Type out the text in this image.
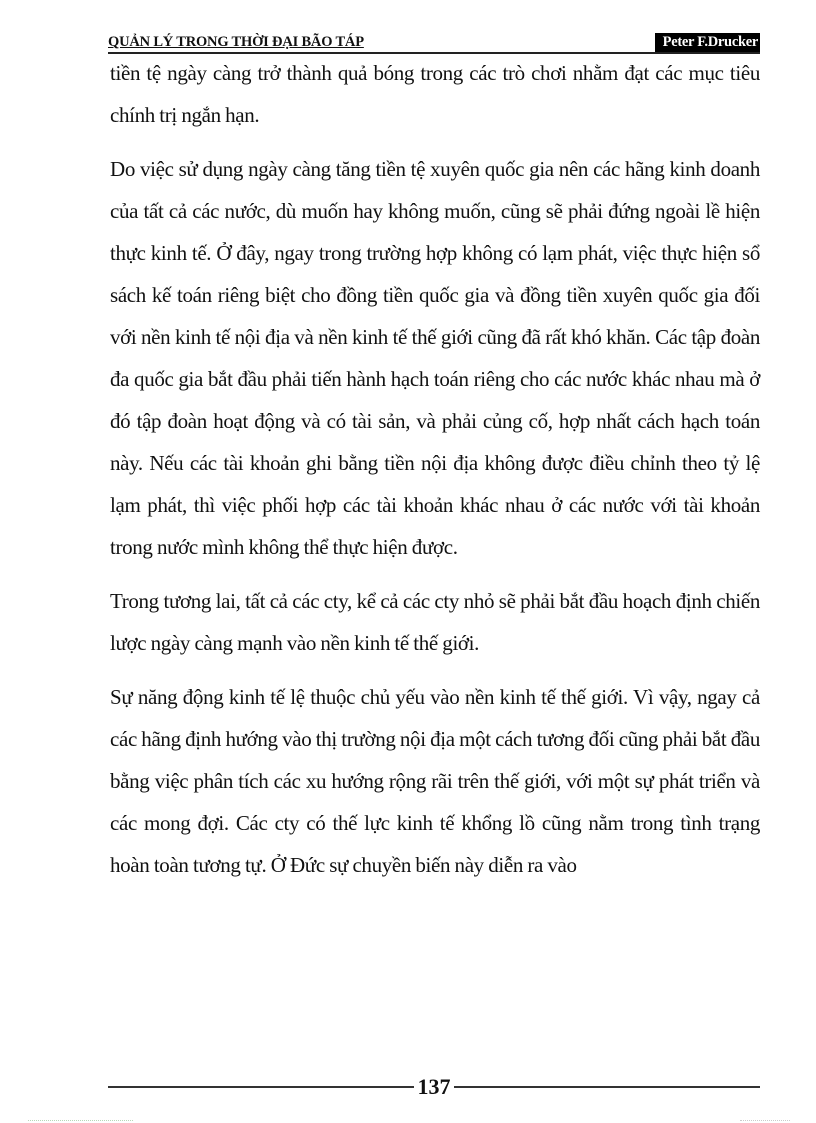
QUẢN LÝ TRONG THỜI ĐẠI BÃO TÁP	Peter F.Drucker

tiền tệ ngày càng trở thành quả bóng trong các trò chơi nhằm đạt các mục tiêu chính trị ngắn hạn.

Do việc sử dụng ngày càng tăng tiền tệ xuyên quốc gia nên các hãng kinh doanh của tất cả các nước, dù muốn hay không muốn, cũng sẽ phải đứng ngoài lề hiện thực kinh tế. Ở đây, ngay trong trường hợp không có lạm phát, việc thực hiện sổ sách kế toán riêng biệt cho đồng tiền quốc gia và đồng tiền xuyên quốc gia đối với nền kinh tế nội địa và nền kinh tế thế giới cũng đã rất khó khăn. Các tập đoàn đa quốc gia bắt đầu phải tiến hành hạch toán riêng cho các nước khác nhau mà ở đó tập đoàn hoạt động và có tài sản, và phải củng cố, hợp nhất cách hạch toán này. Nếu các tài khoản ghi bằng tiền nội địa không được điều chỉnh theo tỷ lệ lạm phát, thì việc phối hợp các tài khoản khác nhau ở các nước với tài khoản trong nước mình không thể thực hiện được.

Trong tương lai, tất cả các cty, kể cả các cty nhỏ sẽ phải bắt đầu hoạch định chiến lược ngày càng mạnh vào nền kinh tế thế giới.

Sự năng động kinh tế lệ thuộc chủ yếu vào nền kinh tế thế giới. Vì vậy, ngay cả các hãng định hướng vào thị trường nội địa một cách tương đối cũng phải bắt đầu bằng việc phân tích các xu hướng rộng rãi trên thế giới, với một sự phát triển và các mong đợi. Các cty có thế lực kinh tế khổng lồ cũng nằm trong tình trạng hoàn toàn tương tự. Ở Đức sự chuyền biến này diễn ra vào

137
